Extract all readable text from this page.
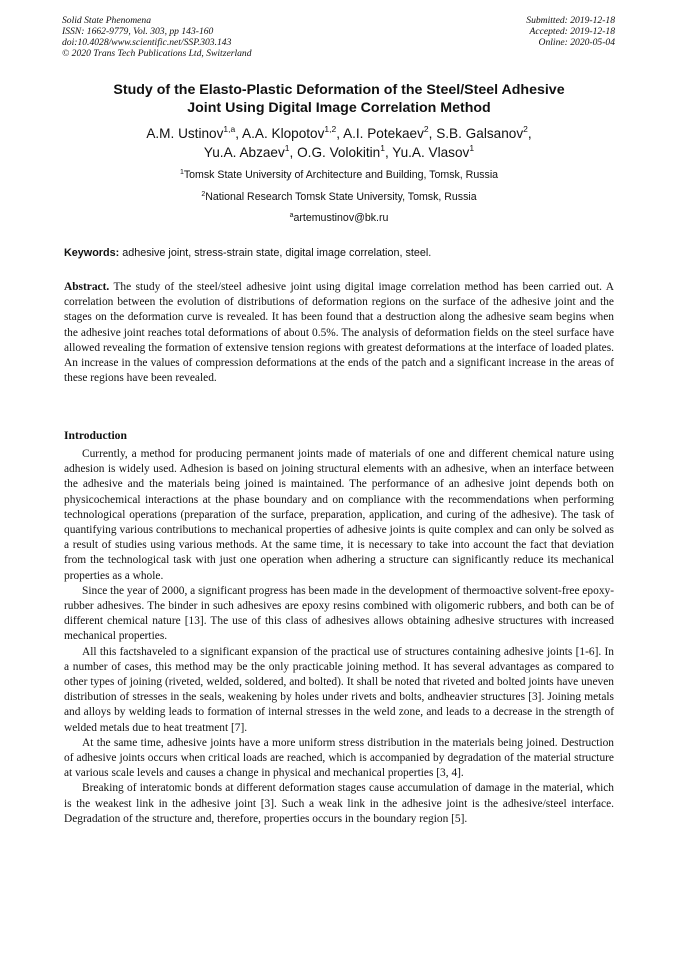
Solid State Phenomena
ISSN: 1662-9779, Vol. 303, pp 143-160
doi:10.4028/www.scientific.net/SSP.303.143
© 2020 Trans Tech Publications Ltd, Switzerland
Submitted: 2019-12-18
Accepted: 2019-12-18
Online: 2020-05-04
Study of the Elasto-Plastic Deformation of the Steel/Steel Adhesive
Joint Using Digital Image Correlation Method
A.M. Ustinov$^{1,a}$, A.A. Klopotov$^{1,2}$, A.I. Potekaev$^2$, S.B. Galsanov$^2$,
Yu.A. Abzaev$^1$, O.G. Volokitin$^1$, Yu.A. Vlasov$^1$
$^1$Tomsk State University of Architecture and Building, Tomsk, Russia
$^2$National Research Tomsk State University, Tomsk, Russia
$^a$artemustinov@bk.ru
Keywords: adhesive joint, stress-strain state, digital image correlation, steel.
Abstract. The study of the steel/steel adhesive joint using digital image correlation method has been carried out. A correlation between the evolution of distributions of deformation regions on the surface of the adhesive joint and the stages on the deformation curve is revealed. It has been found that a destruction along the adhesive seam begins when the adhesive joint reaches total deformations of about 0.5%. The analysis of deformation fields on the steel surface have allowed revealing the formation of extensive tension regions with greatest deformations at the interface of loaded plates. An increase in the values of compression deformations at the ends of the patch and a significant increase in the areas of these regions have been revealed.
Introduction

Currently, a method for producing permanent joints made of materials of one and different chemical nature using adhesion is widely used. Adhesion is based on joining structural elements with an adhesive, when an interface between the adhesive and the materials being joined is maintained. The performance of an adhesive joint depends both on physicochemical interactions at the phase boundary and on compliance with the recommendations when performing technological operations (preparation of the surface, preparation, application, and curing of the adhesive). The task of quantifying various contributions to mechanical properties of adhesive joints is quite complex and can only be solved as a result of studies using various methods. At the same time, it is necessary to take into account the fact that deviation from the technological task with just one operation when adhering a structure can significantly reduce its mechanical properties as a whole.

Since the year of 2000, a significant progress has been made in the development of thermoactive solvent-free epoxy-rubber adhesives. The binder in such adhesives are epoxy resins combined with oligomeric rubbers, and both can be of different chemical nature [13]. The use of this class of adhesives allows obtaining adhesive structures with increased mechanical properties.

All this factshaveled to a significant expansion of the practical use of structures containing adhesive joints [1-6]. In a number of cases, this method may be the only practicable joining method. It has several advantages as compared to other types of joining (riveted, welded, soldered, and bolted). It shall be noted that riveted and bolted joints have uneven distribution of stresses in the seals, weakening by holes under rivets and bolts, andheavier structures [3]. Joining metals and alloys by welding leads to formation of internal stresses in the weld zone, and leads to a decrease in the strength of welded metals due to heat treatment [7].

At the same time, adhesive joints have a more uniform stress distribution in the materials being joined. Destruction of adhesive joints occurs when critical loads are reached, which is accompanied by degradation of the material structure at various scale levels and causes a change in physical and mechanical properties [3, 4].

Breaking of interatomic bonds at different deformation stages cause accumulation of damage in the material, which is the weakest link in the adhesive joint [3]. Such a weak link in the adhesive joint is the adhesive/steel interface. Degradation of the structure and, therefore, properties occurs in the boundary region [5].
